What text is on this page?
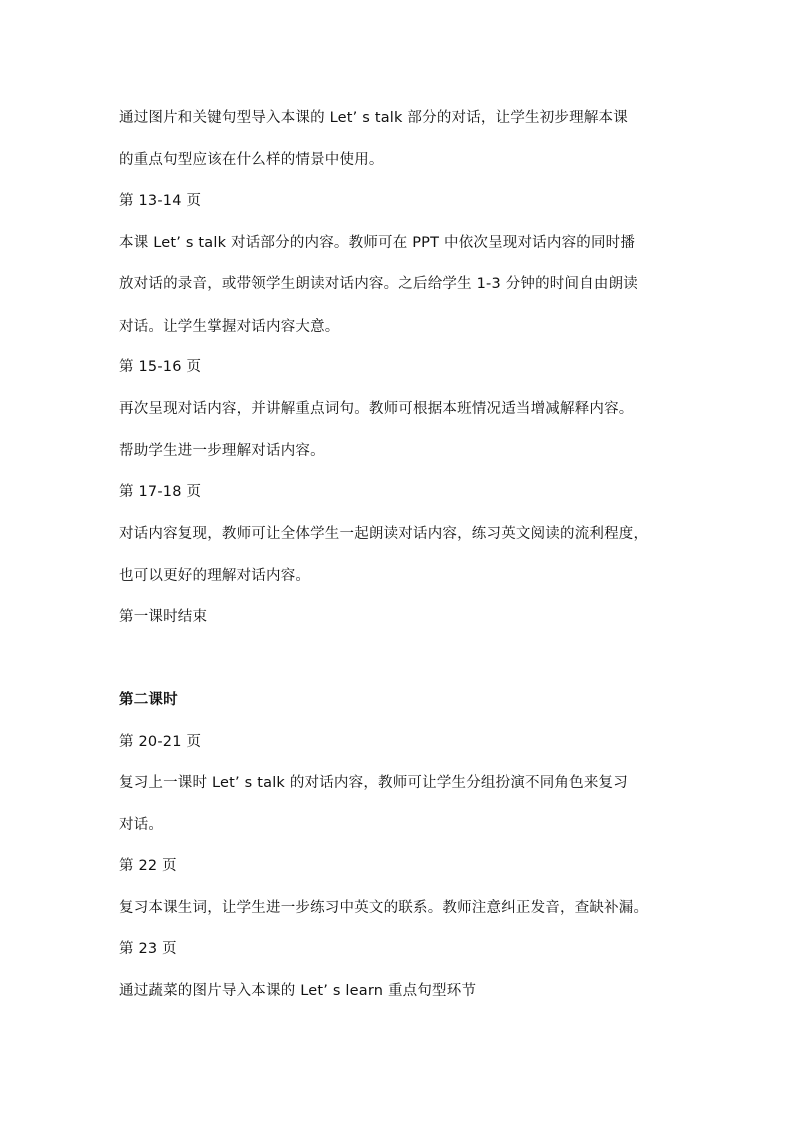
通过图片和关键句型导入本课的 Let’ s talk 部分的对话，让学生初步理解本课
的重点句型应该在什么样的情景中使用。
第 13-14 页
本课 Let’ s talk 对话部分的内容。教师可在 PPT 中依次呈现对话内容的同时播
放对话的录音，或带领学生朗读对话内容。之后给学生 1-3 分钟的时间自由朗读
对话。让学生掌握对话内容大意。
第 15-16 页
再次呈现对话内容，并讲解重点词句。教师可根据本班情况适当增减解释内容。
帮助学生进一步理解对话内容。
第 17-18 页
对话内容复现，教师可让全体学生一起朗读对话内容，练习英文阅读的流利程度，
也可以更好的理解对话内容。
第一课时结束
第二课时
第 20-21 页
复习上一课时 Let’ s talk 的对话内容，教师可让学生分组扮演不同角色来复习
对话。
第 22 页
复习本课生词，让学生进一步练习中英文的联系。教师注意纠正发音，查缺补漏。
第 23 页
通过蔬菜的图片导入本课的 Let’ s learn 重点句型环节
